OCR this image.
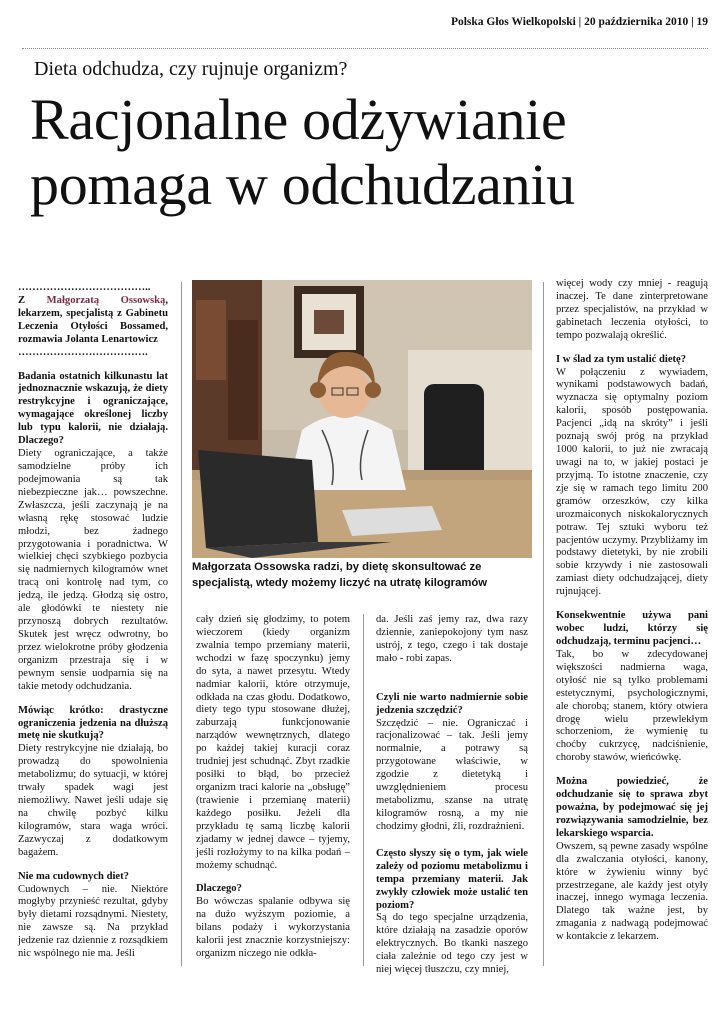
Polska Głos Wielkopolski | 20 października 2010 | 19
Dieta odchudza, czy rujnuje organizm?
Racjonalne odżywianie
pomaga w odchudzaniu

………………………………..

Z Małgorzatą Ossowską, lekarzem, specjalistą z Gabinetu Leczenia Otyłości Bossamed, rozmawia Jolanta Lenartowicz

……………………………….

Badania ostatnich kilkunastu lat jednoznacznie wskazują, że diety restrykcyjne i ograniczające, wymagające określonej liczby lub typu kalorii, nie działają. Dlaczego?

Diety ograniczające, a także samodzielne próby ich podejmowania są tak niebezpieczne jak… powszechne. Zwłaszcza, jeśli zaczynają je na własną rękę stosować ludzie młodzi, bez żadnego przygotowania i poradnictwa. W wielkiej chęci szybkiego pozbycia się nadmiernych kilogramów wnet tracą oni kontrolę nad tym, co jedzą, ile jedzą. Głodzą się ostro, ale głodówki te niestety nie przynoszą dobrych rezultatów. Skutek jest wręcz odwrotny, bo przez wielokrotne próby głodzenia organizm przestraja się i w pewnym sensie uodparnia się na takie metody odchudzania.

Mówiąc krótko: drastyczne ograniczenia jedzenia na dłuższą metę nie skutkują?

Diety restrykcyjne nie działają, bo prowadzą do spowolnienia metabolizmu; do sytuacji, w której trwały spadek wagi jest niemożliwy. Nawet jeśli udaje się na chwilę pozbyć kilku kilogramów, stara waga wróci. Zazwyczaj z dodatkowym bagażem.

Nie ma cudownych diet?

Cudownych – nie. Niektóre mogłyby przynieść rezultat, gdyby były dietami rozsądnymi. Niestety, nie zawsze są. Na przykład jedzenie raz dziennie z rozsądkiem nic wspólnego nie ma. Jeśli

Małgorzata Ossowska radzi, by dietę skonsultować ze specjalistą, wtedy możemy liczyć na utratę kilogramów

cały dzień się głodzimy, to potem wieczorem (kiedy organizm zwalnia tempo przemiany materii, wchodzi w fazę spoczynku) jemy do syta, a nawet przesytu. Wtedy nadmiar kalorii, które otrzymuje, odkłada na czas głodu. Dodatkowo, diety tego typu stosowane dłużej, zaburzają funkcjonowanie narządów wewnętrznych, dlatego po każdej takiej kuracji coraz trudniej jest schudnąć. Zbyt rzadkie posiłki to błąd, bo przecież organizm traci kalorie na „obsługę” (trawienie i przemianę materii) każdego posiłku. Jeżeli dla przykładu tę samą liczbę kalorii zjadamy w jednej dawce – tyjemy, jeśli rozłożymy to na kilka podań – możemy schudnąć.

Dlaczego?

Bo wówczas spalanie odbywa się na dużo wyższym poziomie, a bilans podaży i wykorzystania kalorii jest znacznie korzystniejszy: organizm niczego nie odkła-

da. Jeśli zaś jemy raz, dwa razy dziennie, zaniepokojony tym nasz ustrój, z tego, czego i tak dostaje mało - robi zapas.

Czyli nie warto nadmiernie sobie jedzenia szczędzić?

Szczędzić – nie. Ograniczać i racjonalizować – tak. Jeśli jemy normalnie, a potrawy są przygotowane właściwie, w zgodzie z dietetyką i uwzględnieniem procesu metabolizmu, szanse na utratę kilogramów rosną, a my nie chodzimy głodni, źli, rozdrażnieni.

Często słyszy się o tym, jak wiele zależy od poziomu metabolizmu i tempa przemiany materii. Jak zwykły człowiek może ustalić ten poziom?

Są do tego specjalne urządzenia, które działają na zasadzie oporów elektrycznych. Bo tkanki naszego ciała zależnie od tego czy jest w niej więcej tłuszczu, czy mniej,

więcej wody czy mniej - reagują inaczej. Te dane zinterpretowane przez specjalistów, na przykład w gabinetach leczenia otyłości, to tempo pozwalają określić.

I w ślad za tym ustalić dietę?

W połączeniu z wywiadem, wynikami podstawowych badań, wyznacza się optymalny poziom kalorii, sposób postępowania. Pacjenci „idą na skróty” i jeśli poznają swój próg na przykład 1000 kalorii, to już nie zwracają uwagi na to, w jakiej postaci je przyjmą. To istotne znaczenie, czy zje się w ramach tego limitu 200 gramów orzeszków, czy kilka urozmaiconych niskokalorycznych potraw. Tej sztuki wyboru też pacjentów uczymy. Przybliżamy im podstawy dietetyki, by nie zrobili sobie krzywdy i nie zastosowali zamiast diety odchudzającej, diety rujnującej.

Konsekwentnie używa pani wobec ludzi, którzy się odchudzają, terminu pacjenci…

Tak, bo w zdecydowanej większości nadmierna waga, otyłość nie są tylko problemami estetycznymi, psychologicznymi, ale chorobą; stanem, który otwiera drogę wielu przewlekłym schorzeniom, że wymienię tu choćby cukrzycę, nadciśnienie, choroby stawów, wieńcówkę.

Można powiedzieć, że odchudzanie się to sprawa zbyt poważna, by podejmować się jej rozwiązywania samodzielnie, bez lekarskiego wsparcia.

Owszem, są pewne zasady wspólne dla zwalczania otyłości, kanony, które w żywieniu winny być przestrzegane, ale każdy jest otyły inaczej, innego wymaga leczenia. Dlatego tak ważne jest, by zmagania z nadwagą podejmować w kontakcie z lekarzem.
